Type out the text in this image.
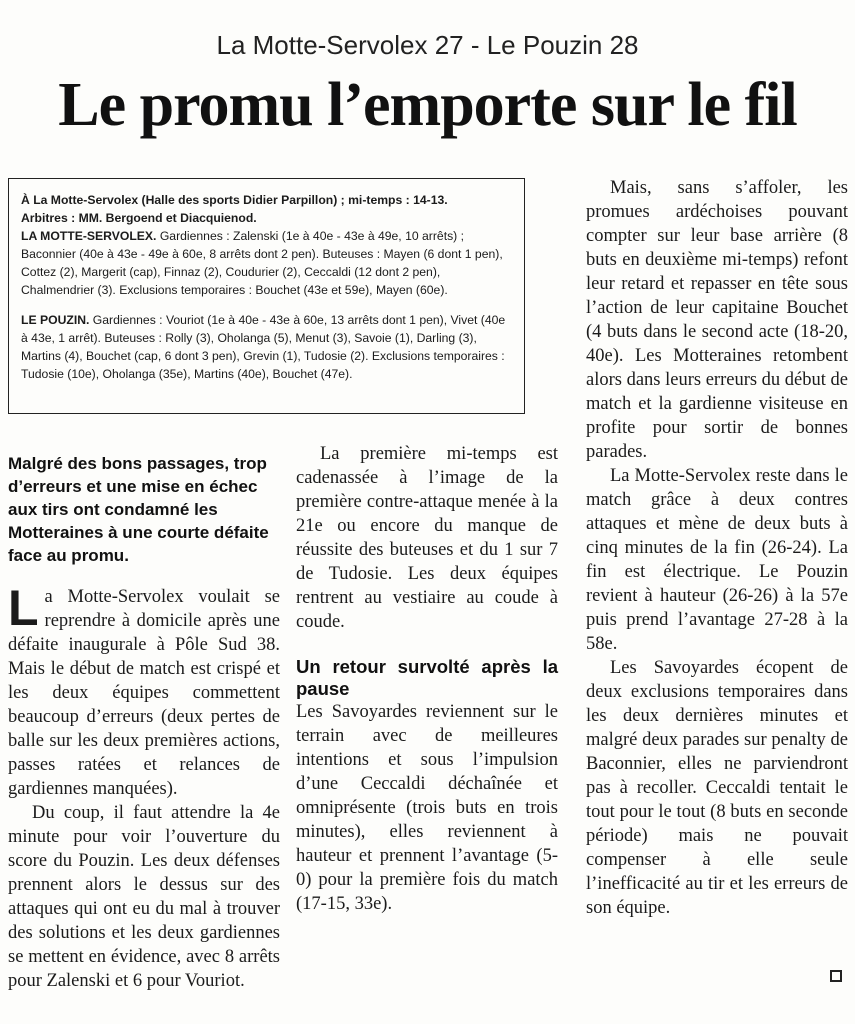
La Motte-Servolex 27 - Le Pouzin 28
Le promu l’emporte sur le fil

À La Motte-Servolex (Halle des sports Didier Parpillon) ; mi-temps : 14-13.

Arbitres : MM. Bergoend et Diacquienod.

LA MOTTE-SERVOLEX. Gardiennes : Zalenski (1e à 40e - 43e à 49e, 10 arrêts) ; Baconnier (40e à 43e - 49e à 60e, 8 arrêts dont 2 pen). Buteuses : Mayen (6 dont 1 pen), Cottez (2), Margerit (cap), Finnaz (2), Coudurier (2), Ceccaldi (12 dont 2 pen), Chalmendrier (3). Exclusions temporaires : Bouchet (43e et 59e), Mayen (60e).

LE POUZIN. Gardiennes : Vouriot (1e à 40e - 43e à 60e, 13 arrêts dont 1 pen), Vivet (40e à 43e, 1 arrêt). Buteuses : Rolly (3), Oholanga (5), Menut (3), Savoie (1), Darling (3), Martins (4), Bouchet (cap, 6 dont 3 pen), Grevin (1), Tudosie (2). Exclusions temporaires : Tudosie (10e), Oholanga (35e), Martins (40e), Bouchet (47e).

Malgré des bons passages, trop d’erreurs et une mise en échec aux tirs ont condamné les Motteraines à une courte défaite face au promu.

La Motte-Servolex voulait se reprendre à domicile après une défaite inaugurale à Pôle Sud 38. Mais le début de match est crispé et les deux équipes commettent beaucoup d’erreurs (deux pertes de balle sur les deux premières actions, passes ratées et relances de gardiennes manquées).

Du coup, il faut attendre la 4e minute pour voir l’ouverture du score du Pouzin. Les deux défenses prennent alors le dessus sur des attaques qui ont eu du mal à trouver des solutions et les deux gardiennes se mettent en évidence, avec 8 arrêts pour Zalenski et 6 pour Vouriot.

La première mi-temps est cadenassée à l’image de la première contre-attaque menée à la 21e ou encore du manque de réussite des buteuses et du 1 sur 7 de Tudosie. Les deux équipes rentrent au vestiaire au coude à coude.

Un retour survolté après la pause

Les Savoyardes reviennent sur le terrain avec de meilleures intentions et sous l’impulsion d’une Ceccaldi déchaînée et omniprésente (trois buts en trois minutes), elles reviennent à hauteur et prennent l’avantage (5-0) pour la première fois du match (17-15, 33e).

Mais, sans s’affoler, les promues ardéchoises pouvant compter sur leur base arrière (8 buts en deuxième mi-temps) refont leur retard et repasser en tête sous l’action de leur capitaine Bouchet (4 buts dans le second acte (18-20, 40e). Les Motteraines retombent alors dans leurs erreurs du début de match et la gardienne visiteuse en profite pour sortir de bonnes parades.

La Motte-Servolex reste dans le match grâce à deux contres attaques et mène de deux buts à cinq minutes de la fin (26-24). La fin est électrique. Le Pouzin revient à hauteur (26-26) à la 57e puis prend l’avantage 27-28 à la 58e.

Les Savoyardes écopent de deux exclusions temporaires dans les deux dernières minutes et malgré deux parades sur penalty de Baconnier, elles ne parviendront pas à recoller. Ceccaldi tentait le tout pour le tout (8 buts en seconde période) mais ne pouvait compenser à elle seule l’inefficacité au tir et les erreurs de son équipe.
